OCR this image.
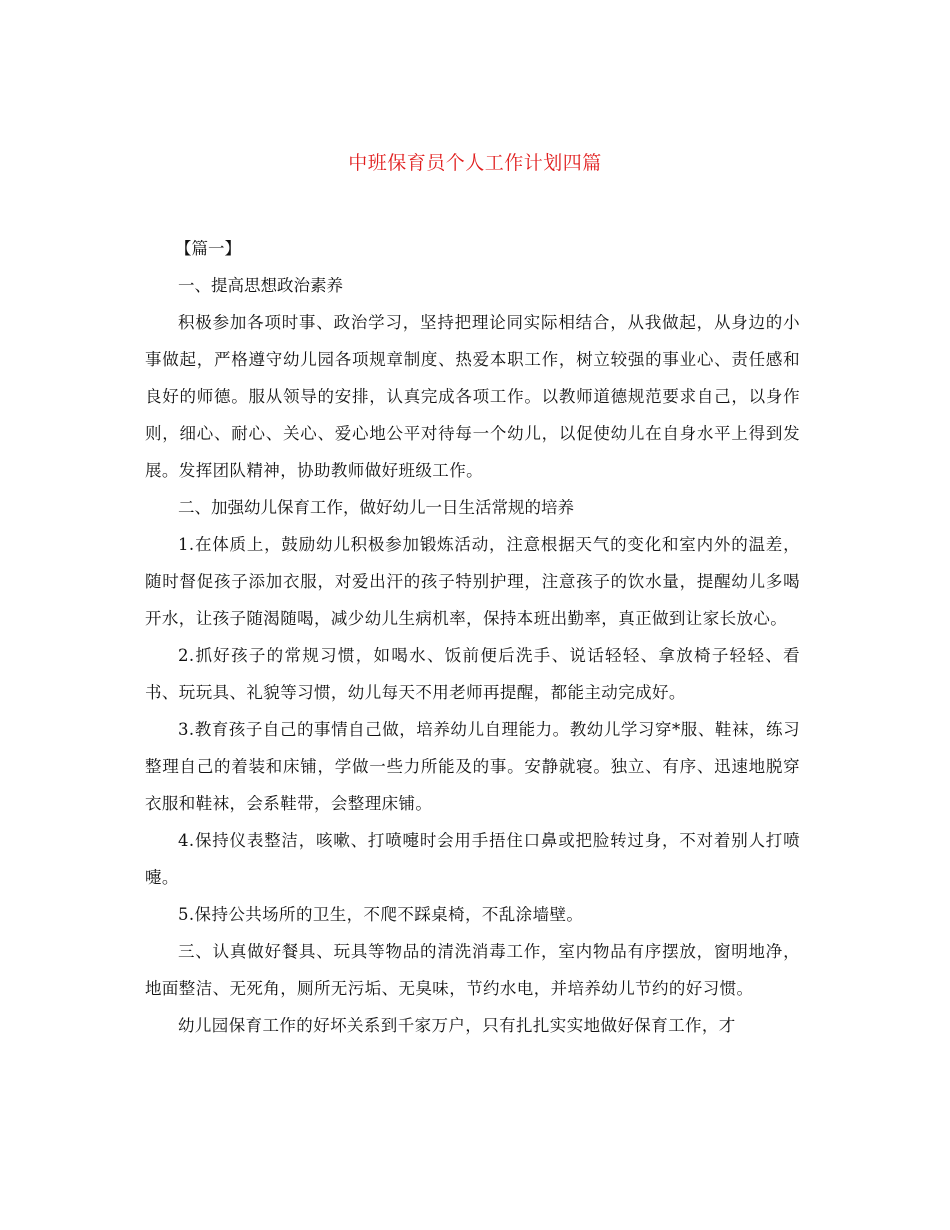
中班保育员个人工作计划四篇

【篇一】

一、提高思想政治素养

积极参加各项时事、政治学习，坚持把理论同实际相结合，从我做起，从身边的小事做起，严格遵守幼儿园各项规章制度、热爱本职工作，树立较强的事业心、责任感和良好的师德。服从领导的安排，认真完成各项工作。以教师道德规范要求自己，以身作则，细心、耐心、关心、爱心地公平对待每一个幼儿，以促使幼儿在自身水平上得到发展。发挥团队精神，协助教师做好班级工作。

二、加强幼儿保育工作，做好幼儿一日生活常规的培养

1.在体质上，鼓励幼儿积极参加锻炼活动，注意根据天气的变化和室内外的温差，随时督促孩子添加衣服，对爱出汗的孩子特别护理，注意孩子的饮水量，提醒幼儿多喝开水，让孩子随渴随喝，减少幼儿生病机率，保持本班出勤率，真正做到让家长放心。

2.抓好孩子的常规习惯，如喝水、饭前便后洗手、说话轻轻、拿放椅子轻轻、看书、玩玩具、礼貌等习惯，幼儿每天不用老师再提醒，都能主动完成好。

3.教育孩子自己的事情自己做，培养幼儿自理能力。教幼儿学习穿*服、鞋袜，练习整理自己的着装和床铺，学做一些力所能及的事。安静就寝。独立、有序、迅速地脱穿衣服和鞋袜，会系鞋带，会整理床铺。

4.保持仪表整洁，咳嗽、打喷嚏时会用手捂住口鼻或把脸转过身，不对着别人打喷嚏。

5.保持公共场所的卫生，不爬不踩桌椅，不乱涂墙壁。

三、认真做好餐具、玩具等物品的清洗消毒工作，室内物品有序摆放，窗明地净，地面整洁、无死角，厕所无污垢、无臭味，节约水电，并培养幼儿节约的好习惯。

幼儿园保育工作的好坏关系到千家万户，只有扎扎实实地做好保育工作，才
